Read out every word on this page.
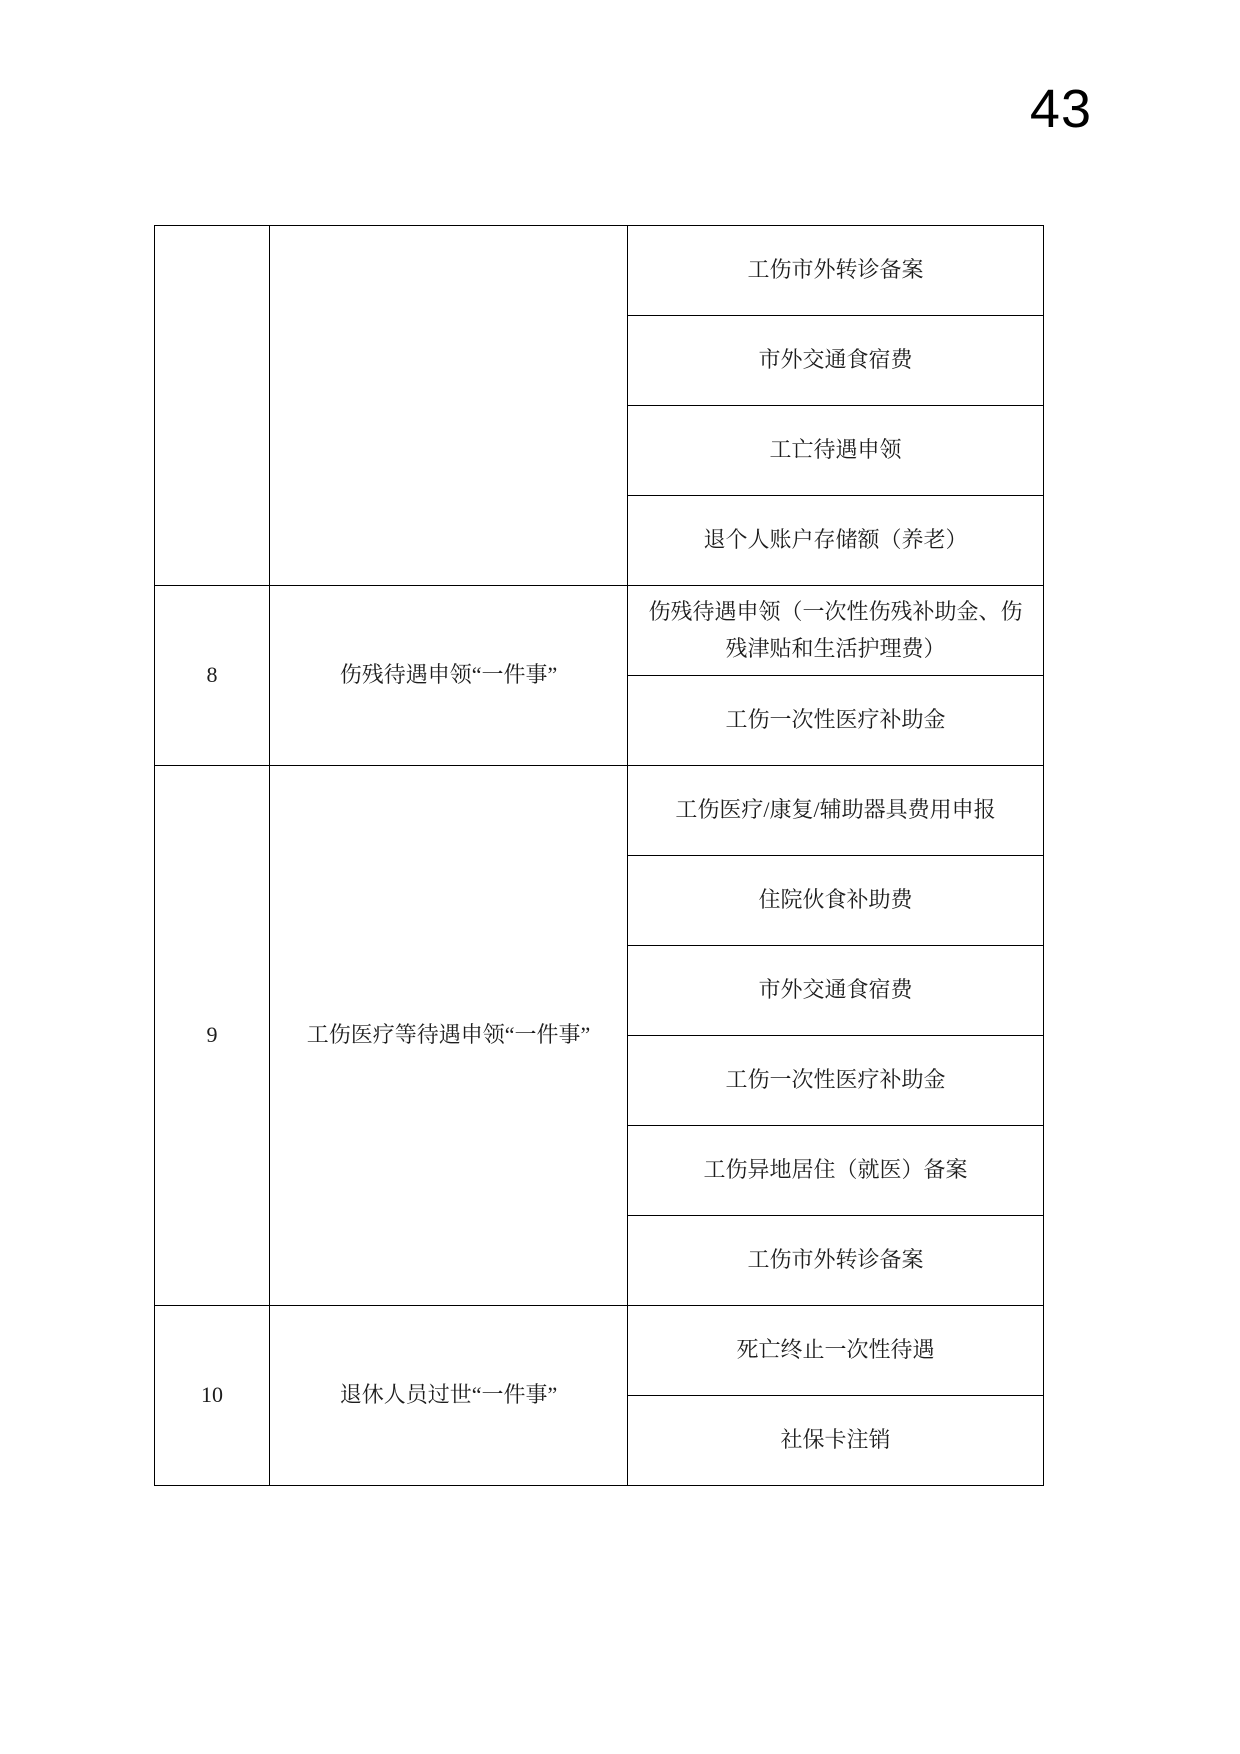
43
		工伤市外转诊备案
		市外交通食宿费
		工亡待遇申领
		退个人账户存储额（养老）
8	伤残待遇申领“一件事”	伤残待遇申领（一次性伤残补助金、伤残津贴和生活护理费）
		工伤一次性医疗补助金
9	工伤医疗等待遇申领“一件事”	工伤医疗/康复/辅助器具费用申报
		住院伙食补助费
		市外交通食宿费
		工伤一次性医疗补助金
		工伤异地居住（就医）备案
		工伤市外转诊备案
10	退休人员过世“一件事”	死亡终止一次性待遇
		社保卡注销
